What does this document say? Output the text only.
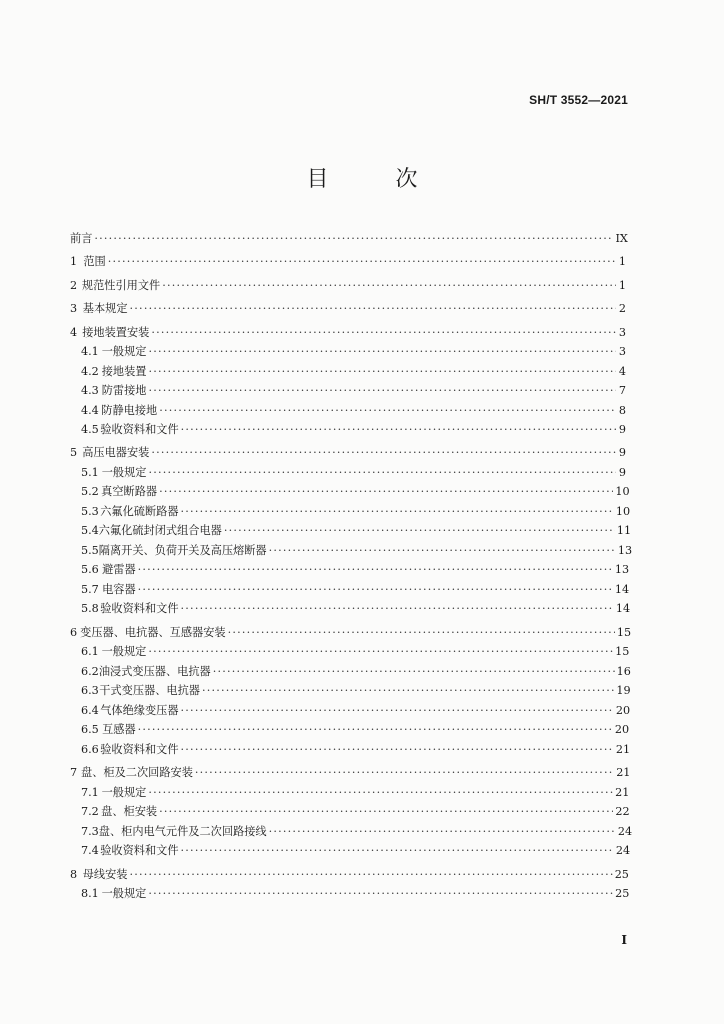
SH/T 3552—2021
目 次
前言 ·····	IX
1 范围 ·····	1
2 规范性引用文件 ·····	1
3 基本规定 ·····	2
4 接地装置安装 ·····	3
4.1 一般规定 ·····	3
4.2 接地装置 ·····	4
4.3 防雷接地 ·····	7
4.4 防静电接地 ·····	8
4.5 验收资料和文件 ·····	9
5 高压电器安装 ·····	9
5.1 一般规定 ·····	9
5.2 真空断路器 ·····	10
5.3 六氟化硫断路器 ·····	10
5.4 六氟化硫封闭式组合电器 ·····	11
5.5 隔离开关、负荷开关及高压熔断器 ·····	13
5.6 避雷器 ·····	13
5.7 电容器 ·····	14
5.8 验收资料和文件 ·····	14
6 变压器、电抗器、互感器安装 ·····	15
6.1 一般规定 ·····	15
6.2 油浸式变压器、电抗器 ·····	16
6.3 干式变压器、电抗器 ·····	19
6.4 气体绝缘变压器 ·····	20
6.5 互感器 ·····	20
6.6 验收资料和文件 ·····	21
7 盘、柜及二次回路安装 ·····	21
7.1 一般规定 ·····	21
7.2 盘、柜安装 ·····	22
7.3 盘、柜内电气元件及二次回路接线 ·····	24
7.4 验收资料和文件 ·····	24
8 母线安装 ·····	25
8.1 一般规定 ·····	25
I
